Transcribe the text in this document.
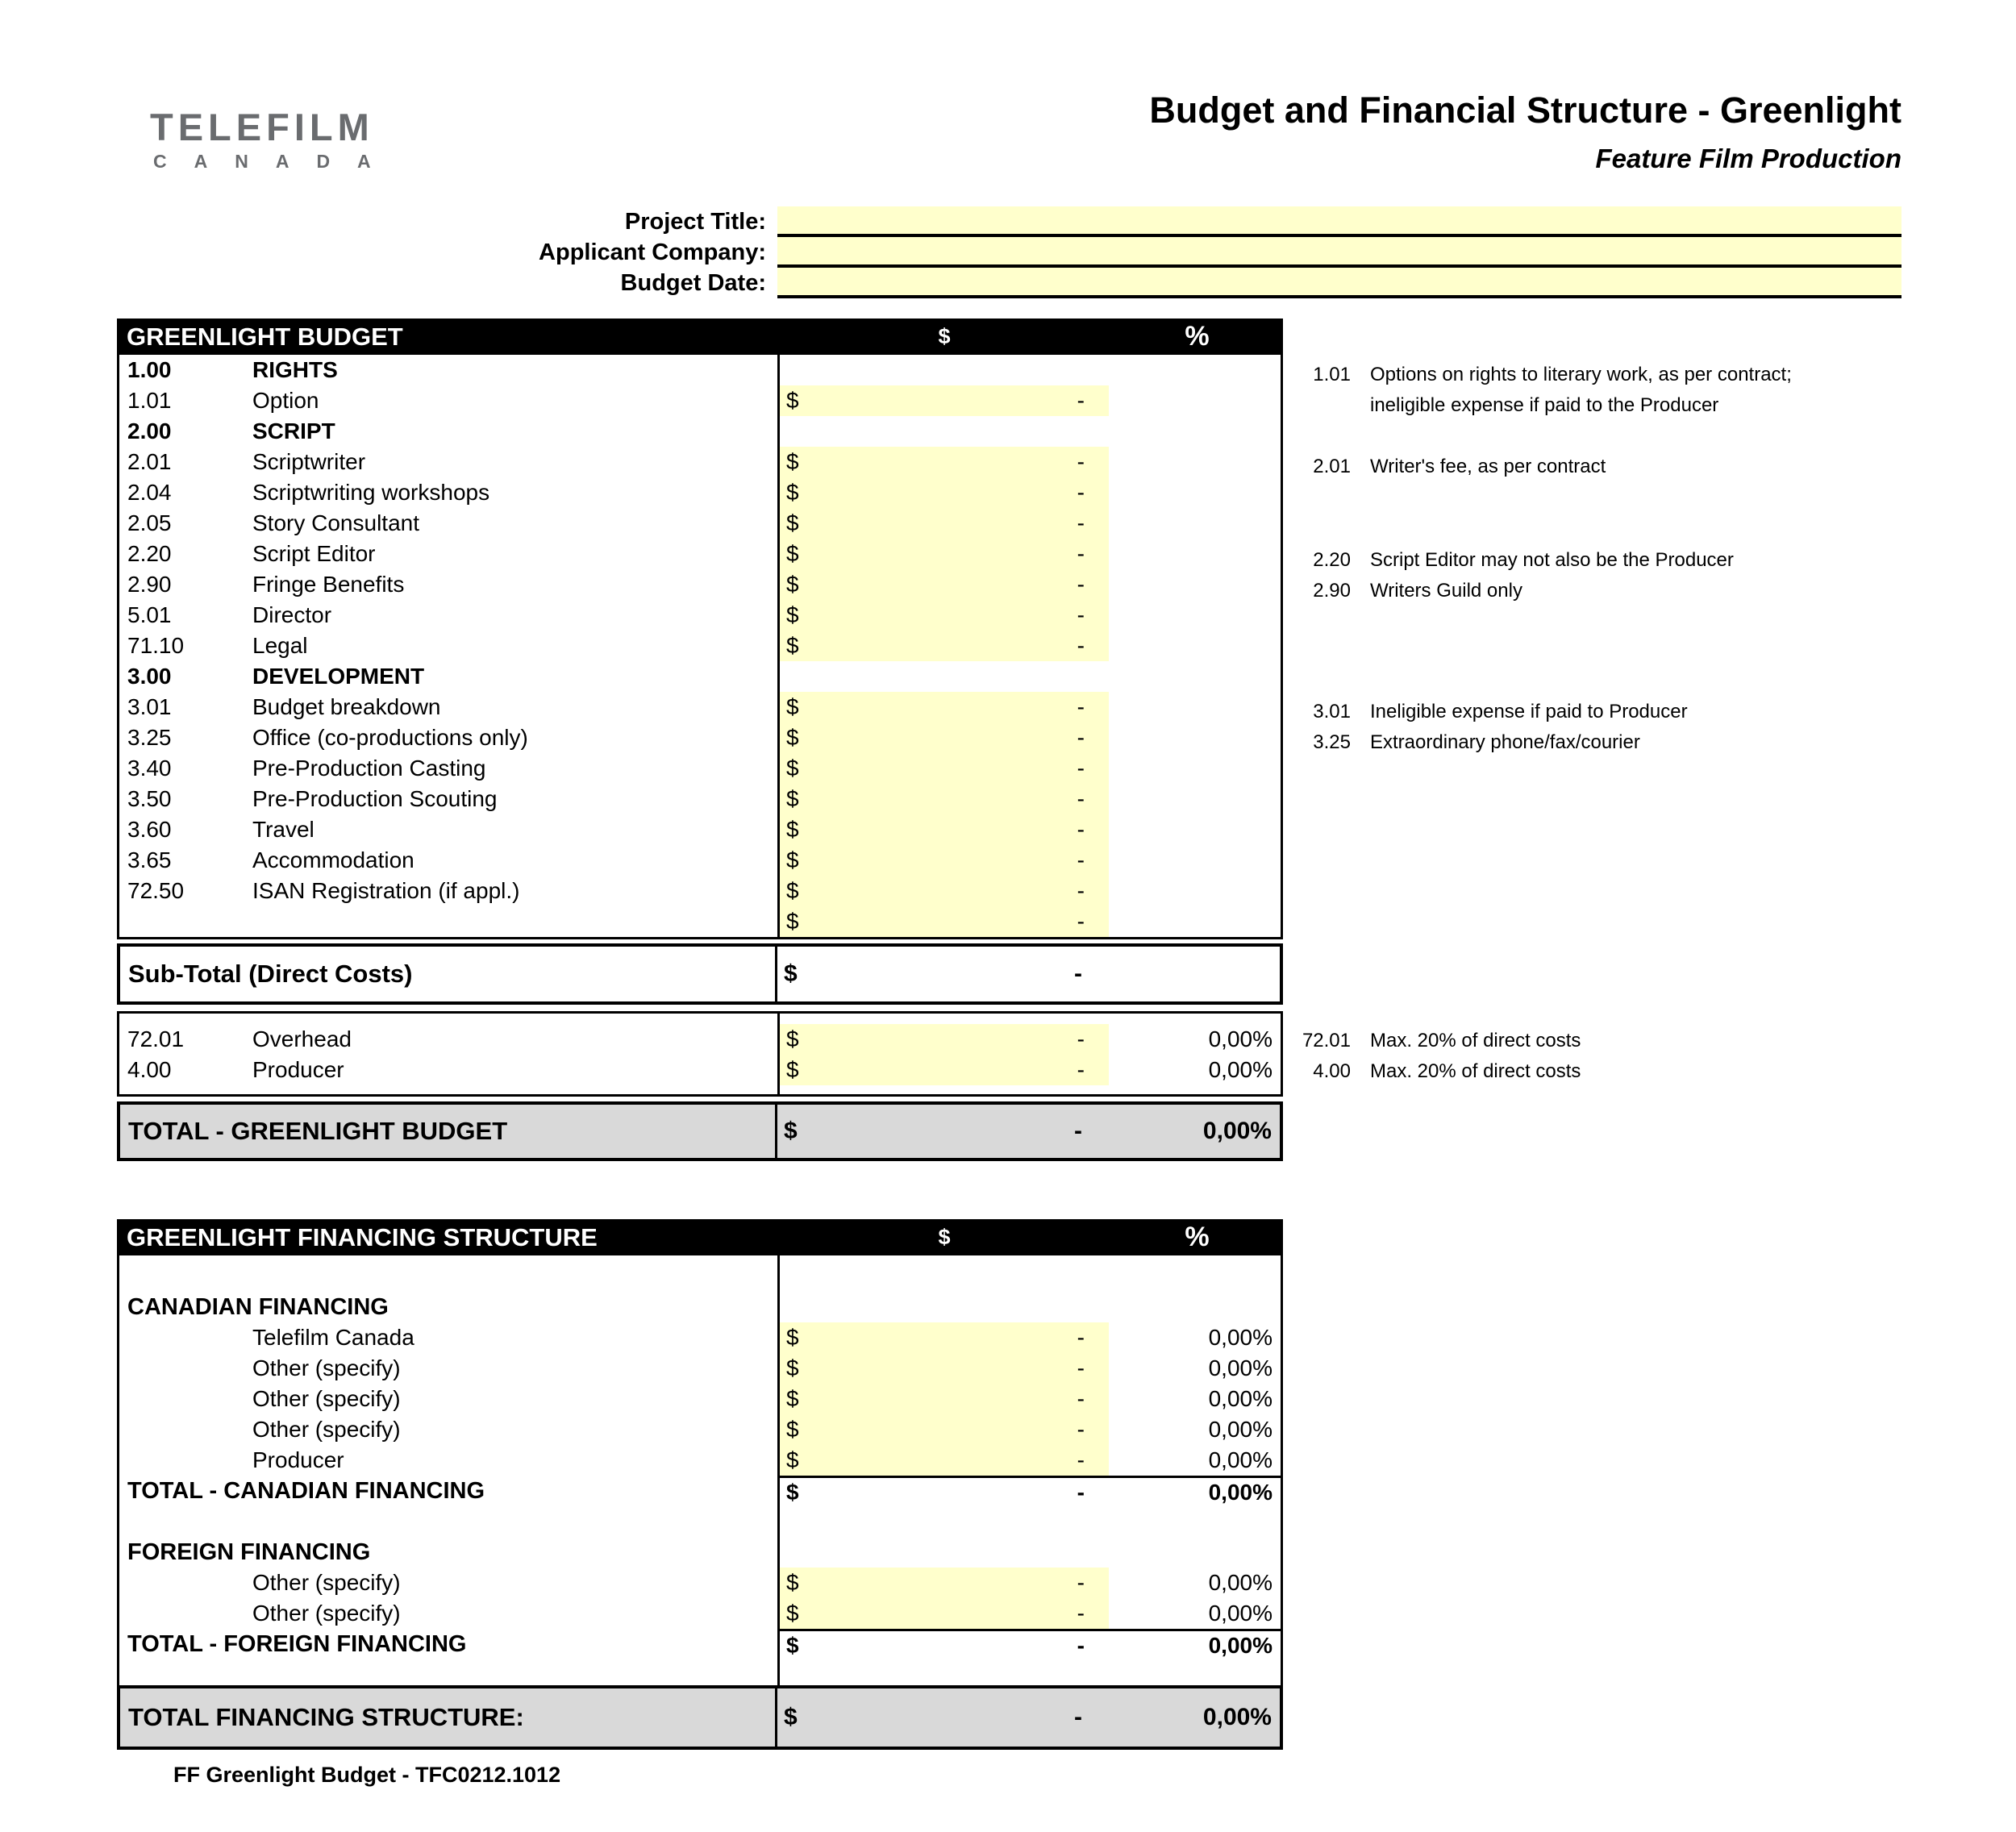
TELEFILM
CANADA
Budget and Financial Structure - Greenlight
Feature Film Production
Project Title:
Applicant Company:
Budget Date:
GREENLIGHT BUDGET	$	%
1.00	RIGHTS
1.01	Option	$	-
2.00	SCRIPT
2.01	Scriptwriter	$	-
2.04	Scriptwriting workshops	$	-
2.05	Story Consultant	$	-
2.20	Script Editor	$	-
2.90	Fringe Benefits	$	-
5.01	Director	$	-
71.10	Legal	$	-
3.00	DEVELOPMENT
3.01	Budget breakdown	$	-
3.25	Office (co-productions only)	$	-
3.40	Pre-Production Casting	$	-
3.50	Pre-Production Scouting	$	-
3.60	Travel	$	-
3.65	Accommodation	$	-
72.50	ISAN Registration (if appl.)	$	-
$	-
Sub-Total (Direct Costs)	$	-
72.01	Overhead	$	-	0,00%
4.00	Producer	$	-	0,00%
TOTAL - GREENLIGHT BUDGET	$	-	0,00%
GREENLIGHT FINANCING STRUCTURE	$	%
CANADIAN FINANCING
Telefilm Canada	$	-	0,00%
Other (specify)	$	-	0,00%
Other (specify)	$	-	0,00%
Other (specify)	$	-	0,00%
Producer	$	-	0,00%
TOTAL - CANADIAN FINANCING	$	-	0,00%
FOREIGN FINANCING
Other (specify)	$	-	0,00%
Other (specify)	$	-	0,00%
TOTAL - FOREIGN FINANCING	$	-	0,00%
TOTAL FINANCING STRUCTURE:	$	-	0,00%
1.01 Options on rights to literary work, as per contract;
ineligible expense if paid to the Producer
2.01 Writer's fee, as per contract
2.20 Script Editor may not also be the Producer
2.90 Writers Guild only
3.01 Ineligible expense if paid to Producer
3.25 Extraordinary phone/fax/courier
72.01 Max. 20% of direct costs
4.00 Max. 20% of direct costs
FF Greenlight Budget - TFC0212.1012
